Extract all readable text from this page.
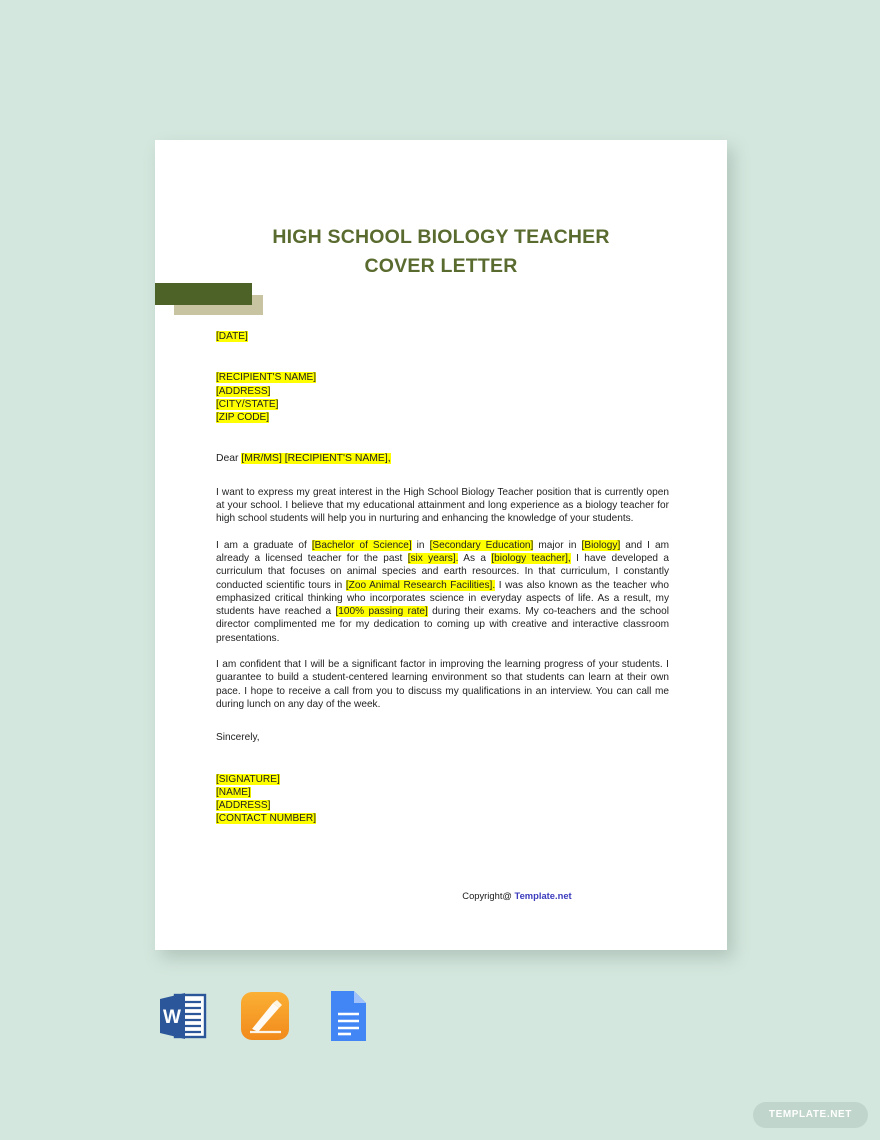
HIGH SCHOOL BIOLOGY TEACHER
COVER LETTER

[DATE]

[RECIPIENT'S NAME]
[ADDRESS]
[CITY/STATE]
[ZIP CODE]

Dear [MR/MS] [RECIPIENT'S NAME],

I want to express my great interest in the High School Biology Teacher position that is currently open at your school. I believe that my educational attainment and long experience as a biology teacher for high school students will help you in nurturing and enhancing the knowledge of your students.

I am a graduate of [Bachelor of Science] in [Secondary Education] major in [Biology] and I am already a licensed teacher for the past [six years]. As a [biology teacher], I have developed a curriculum that focuses on animal species and earth resources. In that curriculum, I constantly conducted scientific tours in [Zoo Animal Research Facilities]. I was also known as the teacher who emphasized critical thinking who incorporates science in everyday aspects of life. As a result, my students have reached a [100% passing rate] during their exams. My co-teachers and the school director complimented me for my dedication to coming up with creative and interactive classroom presentations.

I am confident that I will be a significant factor in improving the learning progress of your students. I guarantee to build a student-centered learning environment so that students can learn at their own pace. I hope to receive a call from you to discuss my qualifications in an interview. You can call me during lunch on any day of the week.

Sincerely,

[SIGNATURE]
[NAME]
[ADDRESS]
[CONTACT NUMBER]

Copyright@ Template.net
W
TEMPLATE.NET
